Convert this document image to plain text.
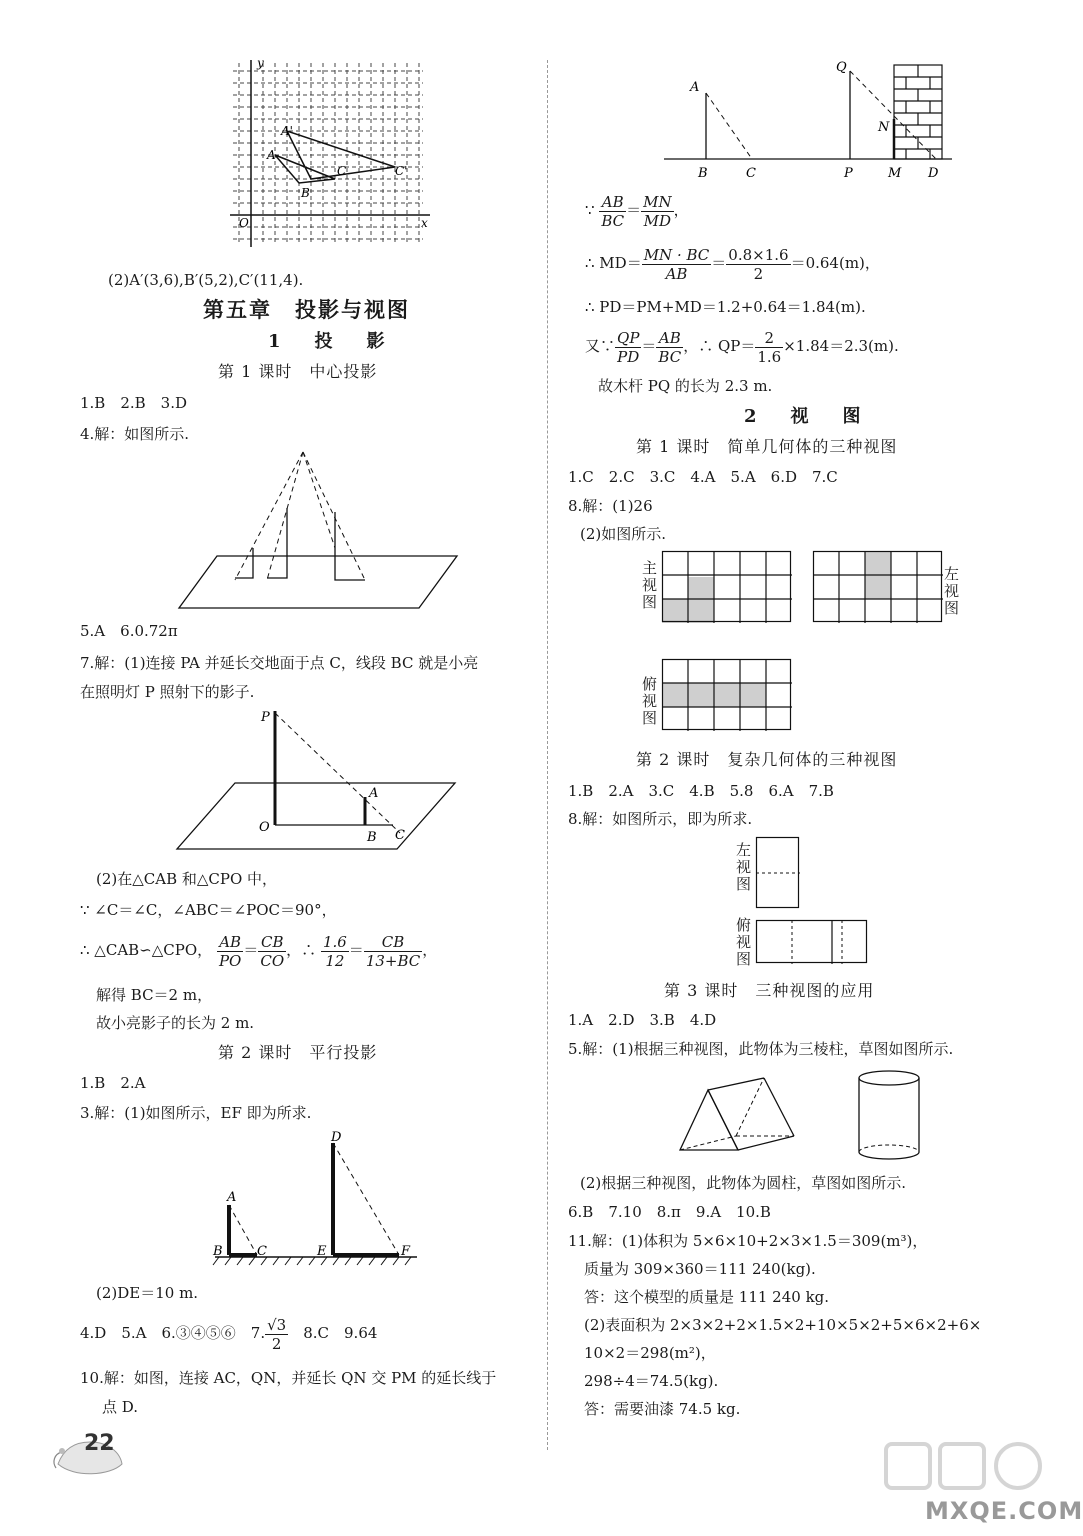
y
x
O
A
A'
C	C'
B
(2)A′(3,6),B′(5,2),C′(11,4).
第五章　投影与视图
1　投　影
第 1 课时　中心投影
1.B　2.B　3.D
4.解：如图所示.
5.A　6.0.72π
7.解：(1)连接 PA 并延长交地面于点 C，线段 BC 就是小亮
在照明灯 P 照射下的影子.
P
A
O
B C
(2)在△CAB 和△CPO 中，
∵ ∠C＝∠C，∠ABC＝∠POC＝90°，
∴ △CAB∽△CPO， $\frac{AB}{PO} = \frac{CB}{CO}$ ，∴ $\frac{1.6}{12} = \frac{CB}{13+BC}$ ，
解得 BC＝2 m，
故小亮影子的长为 2 m.
第 2 课时　平行投影
1.B　2.A
3.解：(1)如图所示，EF 即为所求.
A
B	C
D
E	F
(2)DE＝10 m.
4.D　5.A　6.③④⑤⑥　7. $\frac{√3}{2}$ 　8.C　9.64
10.解：如图，连接 AC，QN，并延长 QN 交 PM 的延长线于
点 D.
A
B	C
Q
N
P	M D
∵ $\frac{AB}{BC} = \frac{MN}{MD}$ ，
∴ $MD= \frac{MN \cdot BC}{AB} = \frac{0.8\times 1.6}{2} =0.64(m)$，
∴ PD＝PM+MD＝1.2+0.64＝1.84(m).
又∵ $\frac{QP}{PD} = \frac{AB}{BC}$ ，∴ $QP= \frac{2}{1.6} \times 1.84=2.3(m)$.
故木杆 PQ 的长为 2.3 m.
2　视　图
第 1 课时　简单几何体的三种视图
1.C　2.C　3.C　4.A　5.A　6.D　7.C
8.解：(1)26
(2)如图所示.
主视图
左视图
俯视图
第 2 课时　复杂几何体的三种视图
1.B　2.A　3.C　4.B　5.8　6.A　7.B
8.解：如图所示，即为所求.
左视图
俯视图
第 3 课时　三种视图的应用
1.A　2.D　3.B　4.D
5.解：(1)根据三种视图，此物体为三棱柱，草图如图所示.
(2)根据三种视图，此物体为圆柱，草图如图所示.
6.B　7.10　8.π　9.A　10.B
11.解：(1)体积为 5×6×10+2×3×1.5＝309(m³)，
质量为 309×360＝111 240(kg).
答：这个模型的质量是 111 240 kg.
(2)表面积为 2×3×2+2×1.5×2+10×5×2+5×6×2+6×
10×2＝298(m²)，
298÷4＝74.5(kg).
答：需要油漆 74.5 kg.
22
MXQE.COM
